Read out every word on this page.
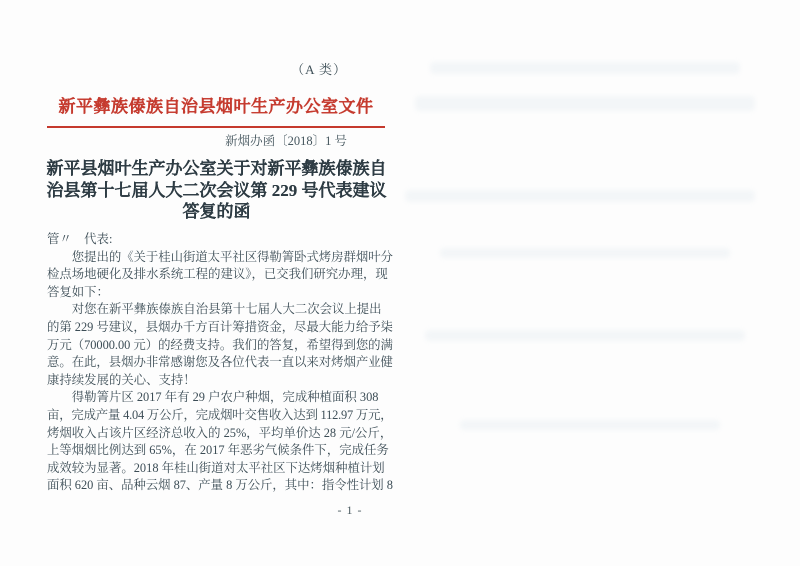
（A 类）
新平彝族傣族自治县烟叶生产办公室文件
新烟办函〔2018〕1 号
新平县烟叶生产办公室关于对新平彝族傣族自
治县第十七届人大二次会议第 229 号代表建议
答复的函
管〃　代表:
您提出的《关于桂山街道太平社区得勒箐卧式烤房群烟叶分
检点场地硬化及排水系统工程的建议》，已交我们研究办理，现
答复如下：
对您在新平彝族傣族自治县第十七届人大二次会议上提出
的第 229 号建议，县烟办千方百计筹措资金，尽最大能力给予柒
万元（70000.00 元）的经费支持。我们的答复，希望得到您的满
意。在此，县烟办非常感谢您及各位代表一直以来对烤烟产业健
康持续发展的关心、支持！
得勒箐片区 2017 年有 29 户农户种烟，完成种植面积 308
亩，完成产量 4.04 万公斤，完成烟叶交售收入达到 112.97 万元，
烤烟收入占该片区经济总收入的 25%，平均单价达 28 元/公斤，
上等烟烟比例达到 65%，在 2017 年恶劣气候条件下，完成任务
成效较为显著。2018 年桂山街道对太平社区下达烤烟种植计划
面积 620 亩、品种云烟 87、产量 8 万公斤，其中：指令性计划 8
- 1 -
